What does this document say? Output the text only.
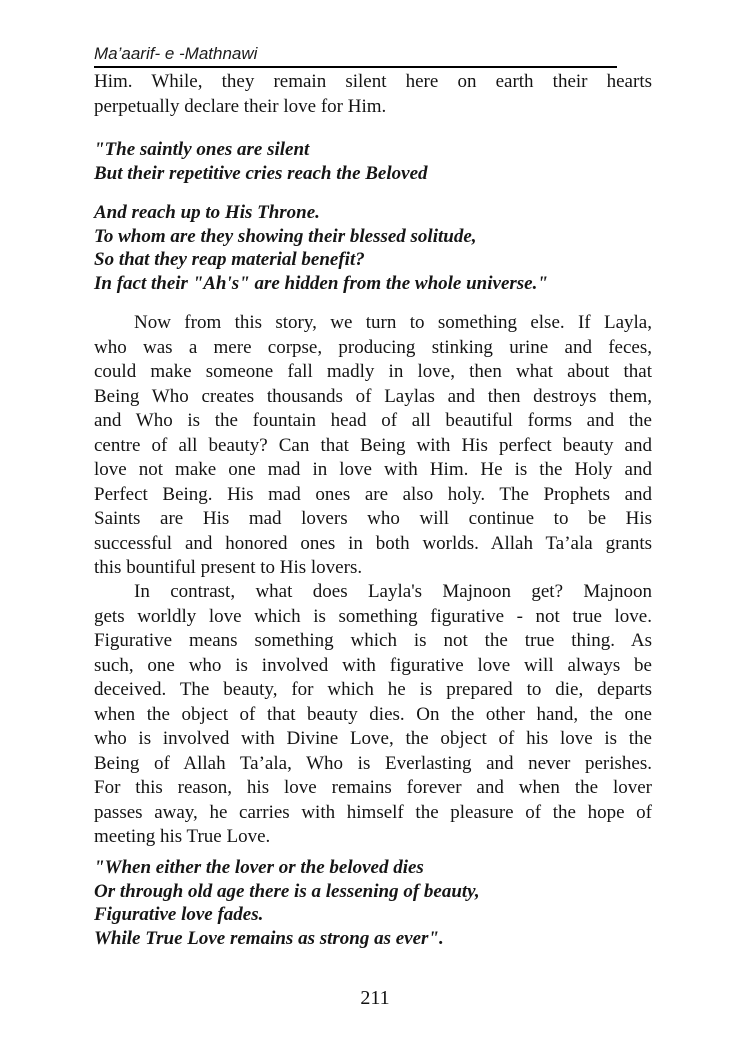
Ma’aarif- e -Mathnawi
Him. While, they remain silent here on earth their hearts
perpetually declare their love for Him.
"The saintly ones are silent
But their repetitive cries reach the Beloved
And reach up to His Throne.
To whom are they showing their blessed solitude,
So that they reap material benefit?
In fact their "Ah's" are hidden from the whole universe."
Now from this story, we turn to something else. If Layla,
who was a mere corpse, producing stinking urine and feces,
could make someone fall madly in love, then what about that
Being Who creates thousands of Laylas and then destroys them,
and Who is the fountain head of all beautiful forms and the
centre of all beauty? Can that Being with His perfect beauty and
love not make one mad in love with Him. He is the Holy and
Perfect Being. His mad ones are also holy. The Prophets and
Saints are His mad lovers who will continue to be His
successful and honored ones in both worlds. Allah Ta’ala grants
this bountiful present to His lovers.
In contrast, what does Layla's Majnoon get? Majnoon
gets worldly love which is something figurative - not true love.
Figurative means something which is not the true thing. As
such, one who is involved with figurative love will always be
deceived. The beauty, for which he is prepared to die, departs
when the object of that beauty dies. On the other hand, the one
who is involved with Divine Love, the object of his love is the
Being of Allah Ta’ala, Who is Everlasting and never perishes.
For this reason, his love remains forever and when the lover
passes away, he carries with himself the pleasure of the hope of
meeting his True Love.
"When either the lover or the beloved dies
Or through old age there is a lessening of beauty,
Figurative love fades.
While True Love remains as strong as ever".
211
